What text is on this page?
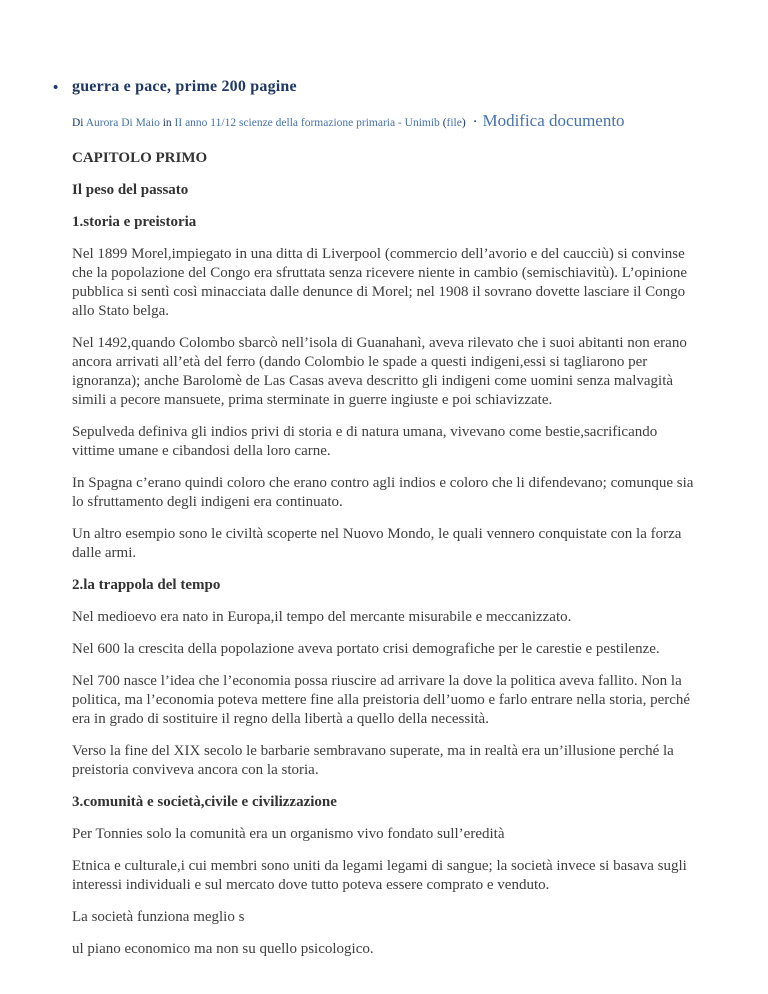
• guerra e pace, prime 200 pagine
Di Aurora Di Maio in II anno 11/12 scienze della formazione primaria - Unimib (file) · Modifica documento

CAPITOLO PRIMO

Il peso del passato

1.storia e preistoria

Nel 1899 Morel,impiegato in una ditta di Liverpool (commercio dell’avorio e del caucciù) si convinse che la popolazione del Congo era sfruttata senza ricevere niente in cambio (semischiavitù). L’opinione pubblica si sentì così minacciata dalle denunce di Morel; nel 1908 il sovrano dovette lasciare il Congo allo Stato belga.

Nel 1492,quando Colombo sbarcò nell’isola di Guanahanì, aveva rilevato che i suoi abitanti non erano ancora arrivati all’età del ferro (dando Colombio le spade a questi indigeni,essi si tagliarono per ignoranza); anche Barolomè de Las Casas aveva descritto gli indigeni come uomini senza malvagità simili a pecore mansuete, prima sterminate in guerre ingiuste e poi schiavizzate.

Sepulveda definiva gli indios privi di storia e di natura umana, vivevano come bestie,sacrificando vittime umane e cibandosi della loro carne.

In Spagna c’erano quindi coloro che erano contro agli indios e coloro che li difendevano; comunque sia lo sfruttamento degli indigeni era continuato.

Un altro esempio sono le civiltà scoperte nel Nuovo Mondo, le quali vennero conquistate con la forza dalle armi.

2.la trappola del tempo

Nel medioevo era nato in Europa,il tempo del mercante misurabile e meccanizzato.

Nel 600 la crescita della popolazione aveva portato crisi demografiche per le carestie e pestilenze.

Nel 700 nasce l’idea che l’economia possa riuscire ad arrivare la dove la politica aveva fallito. Non la politica, ma l’economia poteva mettere fine alla preistoria dell’uomo e farlo entrare nella storia, perché era in grado di sostituire il regno della libertà a quello della necessità.

Verso la fine del XIX secolo le barbarie sembravano superate, ma in realtà era un’illusione perché la preistoria conviveva ancora con la storia.

3.comunità e società,civile e civilizzazione

Per Tonnies solo la comunità era un organismo vivo fondato sull’eredità

Etnica e culturale,i cui membri sono uniti da legami legami di sangue; la società invece si basava sugli interessi individuali e sul mercato dove tutto poteva essere comprato e venduto.

La società funziona meglio s

ul piano economico ma non su quello psicologico.
